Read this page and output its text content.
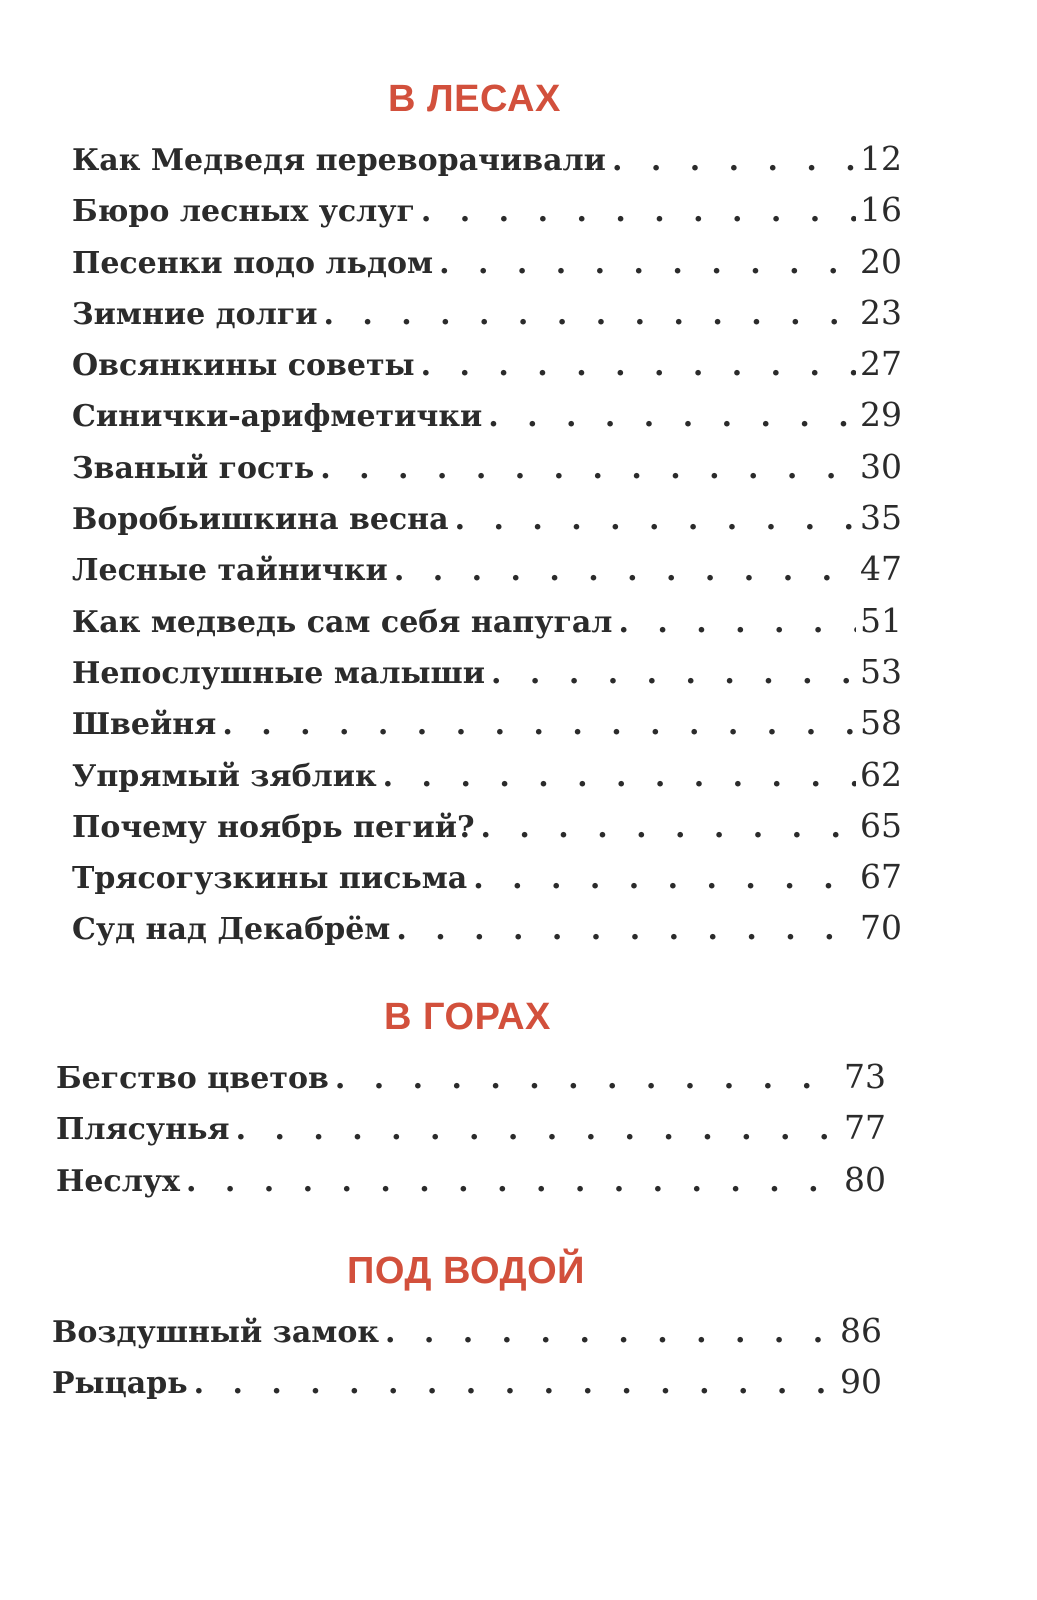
В ЛЕСАХ
Как Медведя переворачивали . . .	12
Бюро лесных услуг . . .	16
Песенки подо льдом . . .	20
Зимние долги . . .	23
Овсянкины советы . . .	27
Синички-арифметички . . .	29
Званый гость . . .	30
Воробьишкина весна . . .	35
Лесные тайнички . . .	47
Как медведь сам себя напугал . . .	51
Непослушные малыши . . .	53
Швейня . . .	58
Упрямый зяблик . . .	62
Почему ноябрь пегий? . . .	65
Трясогузкины письма . . .	67
Суд над Декабрём . . .	70
В ГОРАХ
Бегство цветов . . .	73
Плясунья . . .	77
Неслух . . .	80
ПОД ВОДОЙ
Воздушный замок . . .	86
Рыцарь . . .	90
